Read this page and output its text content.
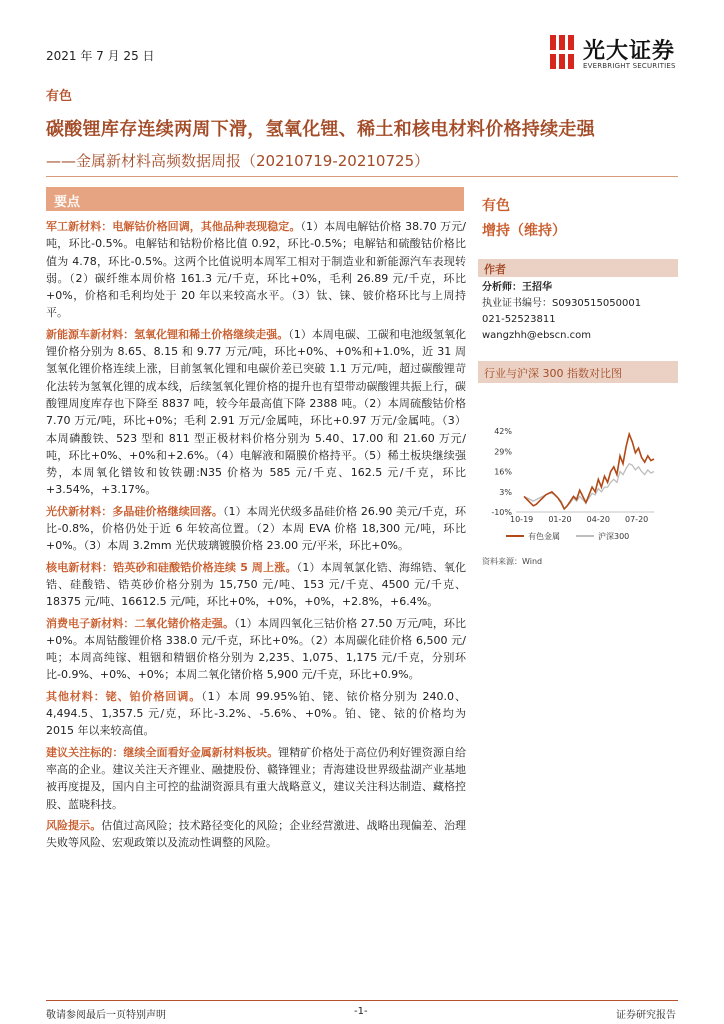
2021 年 7 月 25 日	光大证券
EVERBRIGHT SECURITIES
有色
碳酸锂库存连续两周下滑，氢氧化锂、稀土和核电材料价格持续走强
——金属新材料高频数据周报（20210719-20210725）
要点

军工新材料：电解钴价格回调，其他品种表现稳定。（1）本周电解钴价格 38.70 万元/吨，环比-0.5%。电解钴和钴粉价格比值 0.92，环比-0.5%；电解钴和硫酸钴价格比值为 4.78，环比-0.5%。这两个比值说明本周军工相对于制造业和新能源汽车表现转弱。（2）碳纤维本周价格 161.3 元/千克，环比+0%，毛利 26.89 元/千克，环比+0%，价格和毛利均处于 20 年以来较高水平。（3）钛、铼、铍价格环比与上周持平。

新能源车新材料：氢氧化锂和稀土价格继续走强。（1）本周电碳、工碳和电池级氢氧化锂价格分别为 8.65、8.15 和 9.77 万元/吨，环比+0%、+0%和+1.0%，近 31 周氢氧化锂价格连续上涨，目前氢氧化锂和电碳价差已突破 1.1 万元/吨，超过碳酸锂苛化法转为氢氧化锂的成本线，后续氢氧化锂价格的提升也有望带动碳酸锂共振上行，碳酸锂周度库存也下降至 8837 吨，较今年最高值下降 2388 吨。（2）本周硫酸钴价格 7.70 万元/吨，环比+0%；毛利 2.91 万元/金属吨，环比+0.97 万元/金属吨。（3）本周磷酸铁、523 型和 811 型正极材料价格分别为 5.40、17.00 和 21.60 万元/吨，环比+0%、+0%和+2.6%。（4）电解液和隔膜价格持平。（5）稀土板块继续强势，本周氧化镨钕和钕铁硼:N35 价格为 585 元/千克、162.5 元/千克，环比+3.54%，+3.17%。

光伏新材料：多晶硅价格继续回落。（1）本周光伏级多晶硅价格 26.90 美元/千克，环比-0.8%，价格仍处于近 6 年较高位置。（2）本周 EVA 价格 18,300 元/吨，环比+0%。（3）本周 3.2mm 光伏玻璃镀膜价格 23.00 元/平米，环比+0%。

核电新材料：锆英砂和硅酸锆价格连续 5 周上涨。（1）本周氧氯化锆、海绵锆、氧化锆、硅酸锆、锆英砂价格分别为 15,750 元/吨、153 元/千克、4500 元/千克、18375 元/吨、16612.5 元/吨，环比+0%，+0%，+0%，+2.8%，+6.4%。

消费电子新材料：二氧化锗价格走强。（1）本周四氧化三钴价格 27.50 万元/吨，环比+0%。本周钴酸锂价格 338.0 元/千克，环比+0%。（2）本周碳化硅价格 6,500 元/吨；本周高纯镓、粗铟和精铟价格分别为 2,235、1,075、1,175 元/千克，分别环比-0.9%、+0%、+0%；本周二氧化锗价格 5,900 元/千克，环比+0.9%。

其他材料：铑、铂价格回调。（1）本周 99.95%铂、铑、铱价格分别为 240.0、4,494.5、1,357.5 元/克，环比-3.2%、-5.6%、+0%。铂、铑、铱的价格均为 2015 年以来较高值。

建议关注标的：继续全面看好金属新材料板块。锂精矿价格处于高位仍利好锂资源自给率高的企业。建议关注天齐锂业、融捷股份、赣锋锂业；青海建设世界级盐湖产业基地被再度提及，国内自主可控的盐湖资源具有重大战略意义，建议关注科达制造、藏格控股、蓝晓科技。

风险提示。估值过高风险；技术路径变化的风险；企业经营激进、战略出现偏差、治理失败等风险、宏观政策以及流动性调整的风险。

有色
增持（维持）
作者
分析师：王招华
执业证书编号：S0930515050001
021-52523811
wangzhh@ebscn.com
行业与沪深 300 指数对比图
42%
29%
16%
3%
-10%
10-19 01-20 04-20 07-20
有色金属	沪深300
资料来源：Wind
敬请参阅最后一页特别声明	-1-	证券研究报告
